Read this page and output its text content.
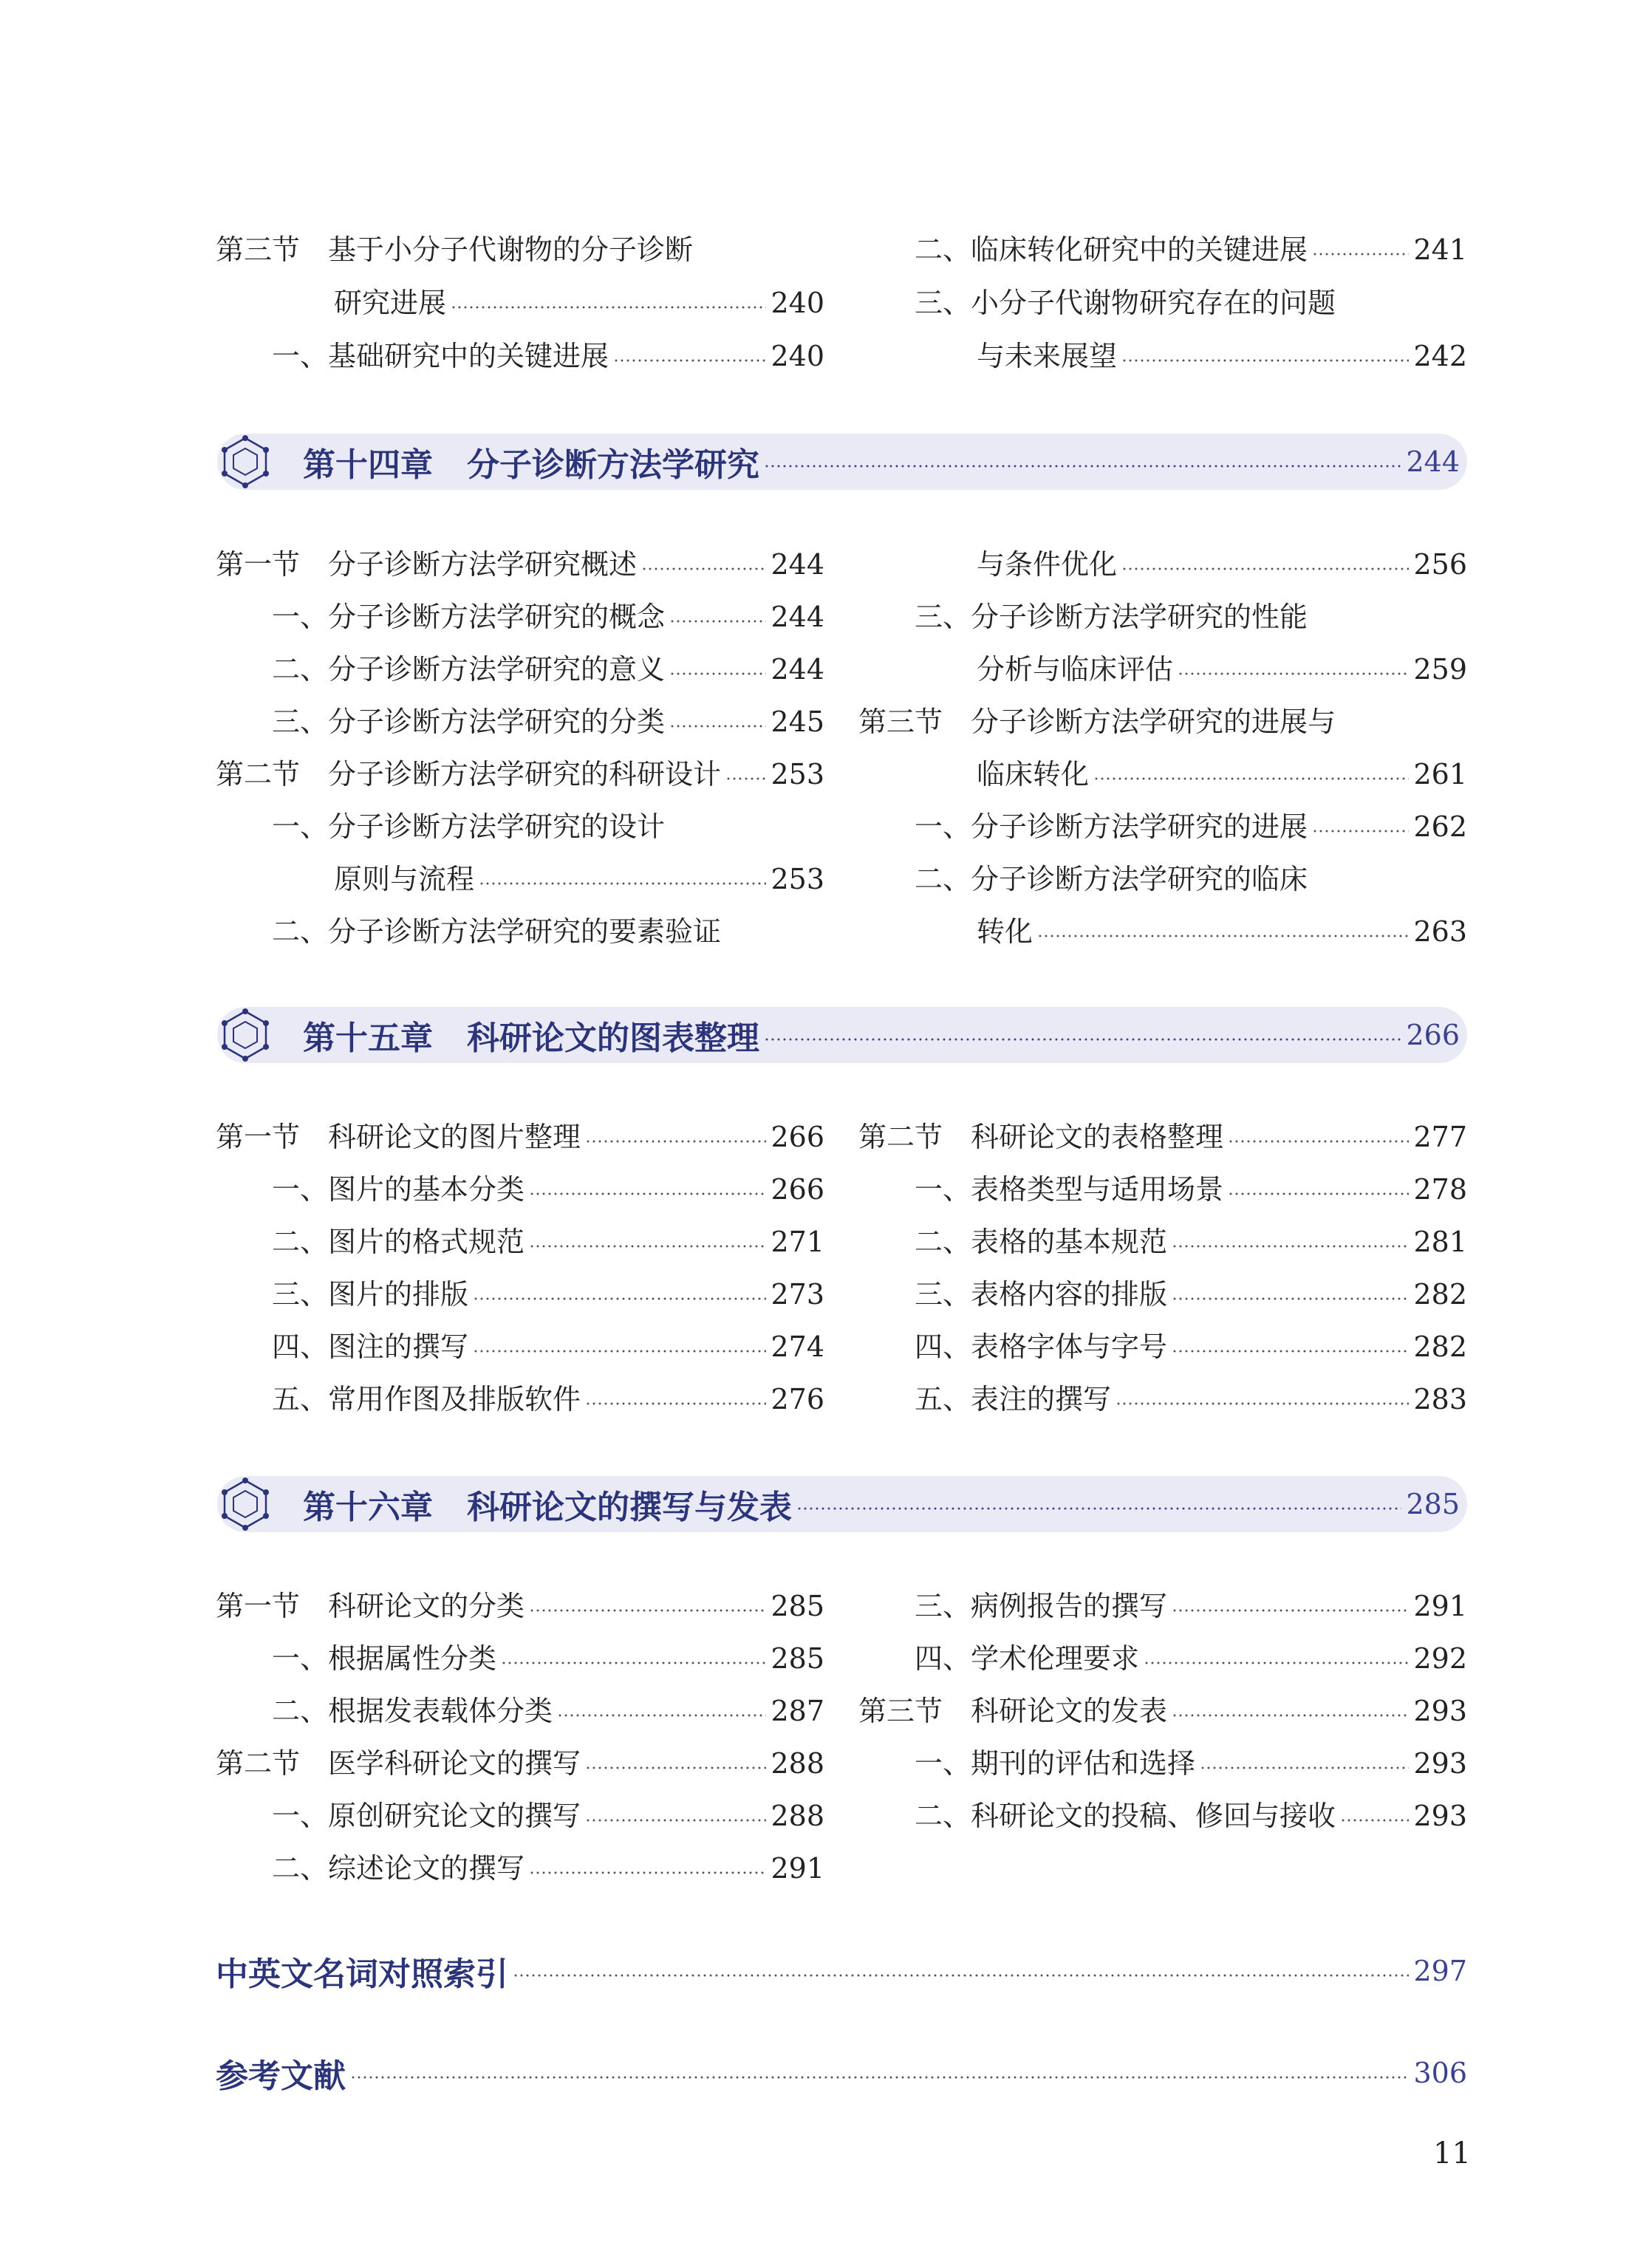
第三节　基于小分子代谢物的分子诊断
研究进展	240
一、基础研究中的关键进展	240
二、临床转化研究中的关键进展	241
三、小分子代谢物研究存在的问题
与未来展望	242
第十四章 分子诊断方法学研究	244
第一节　分子诊断方法学研究概述	244
一、分子诊断方法学研究的概念	244
二、分子诊断方法学研究的意义	244
三、分子诊断方法学研究的分类	245
第二节　分子诊断方法学研究的科研设计 253
一、分子诊断方法学研究的设计
原则与流程	253
二、分子诊断方法学研究的要素验证
与条件优化	256
三、分子诊断方法学研究的性能
分析与临床评估	259
第三节　分子诊断方法学研究的进展与
临床转化	261
一、分子诊断方法学研究的进展	262
二、分子诊断方法学研究的临床
转化	263
第十五章 科研论文的图表整理	266
第一节　科研论文的图片整理	266
一、图片的基本分类	266
二、图片的格式规范	271
三、图片的排版	273
四、图注的撰写	274
五、常用作图及排版软件	276
第二节　科研论文的表格整理	277
一、表格类型与适用场景	278
二、表格的基本规范	281
三、表格内容的排版	282
四、表格字体与字号	282
五、表注的撰写	283
第十六章 科研论文的撰写与发表	285
第一节　科研论文的分类	285
一、根据属性分类	285
二、根据发表载体分类	287
第二节　医学科研论文的撰写	288
一、原创研究论文的撰写	288
二、综述论文的撰写	291
三、病例报告的撰写	291
四、学术伦理要求	292
第三节　科研论文的发表	293
一、期刊的评估和选择	293
二、科研论文的投稿、修回与接收	293
中英文名词对照索引	297
参考文献	306
11
